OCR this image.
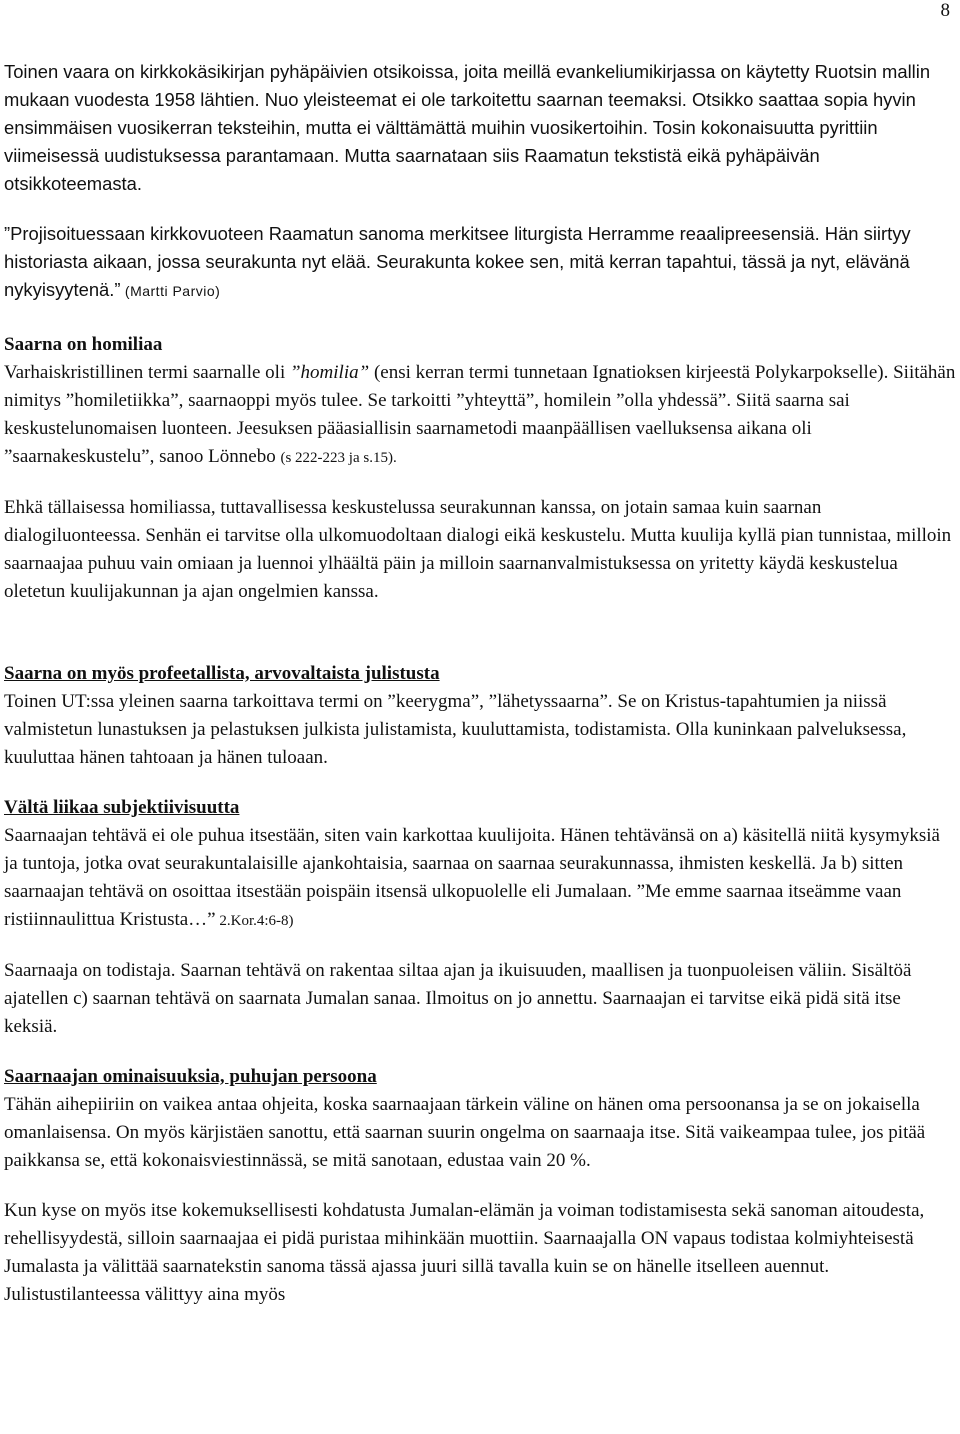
8

Toinen vaara on kirkkokäsikirjan pyhäpäivien otsikoissa, joita meillä evankeliumikirjassa on käytetty Ruotsin mallin mukaan vuodesta 1958 lähtien. Nuo yleisteemat ei ole tarkoitettu saarnan teemaksi. Otsikko saattaa sopia hyvin ensimmäisen vuosikerran teksteihin, mutta ei välttämättä muihin vuosikertoihin. Tosin kokonaisuutta pyrittiin viimeisessä uudistuksessa parantamaan. Mutta saarnataan siis Raamatun tekstistä eikä pyhäpäivän otsikkoteemasta.

”Projisoituessaan kirkkovuoteen Raamatun sanoma merkitsee liturgista Herramme reaalipreesensiä. Hän siirtyy historiasta aikaan, jossa seurakunta nyt elää. Seurakunta kokee sen, mitä kerran tapahtui, tässä ja nyt, elävänä nykyisyytenä.” (Martti Parvio)

Saarna on homiliaa

Varhaiskristillinen termi saarnalle oli ”homilia” (ensi kerran termi tunnetaan Ignatioksen kirjeestä Polykarpokselle). Siitähän nimitys ”homiletiikka”, saarnaoppi myös tulee. Se tarkoitti ”yhteyttä”, homilein ”olla yhdessä”. Siitä saarna sai keskustelunomaisen luonteen. Jeesuksen pääasiallisin saarnametodi maanpäällisen vaelluksensa aikana oli ”saarnakeskustelu”, sanoo Lönnebo (s 222-223 ja s.15).

Ehkä tällaisessa homiliassa, tuttavallisessa keskustelussa seurakunnan kanssa, on jotain samaa kuin saarnan dialogiluonteessa. Senhän ei tarvitse olla ulkomuodoltaan dialogi eikä keskustelu. Mutta kuulija kyllä pian tunnistaa, milloin saarnaajaa puhuu vain omiaan ja luennoi ylhäältä päin ja milloin saarnanvalmistuksessa on yritetty käydä keskustelua oletetun kuulijakunnan ja ajan ongelmien kanssa.

Saarna on myös profeetallista, arvovaltaista julistusta

Toinen UT:ssa yleinen saarna tarkoittava termi on ”keerygma”, ”lähetyssaarna”. Se on Kristus-tapahtumien ja niissä valmistetun lunastuksen ja pelastuksen julkista julistamista, kuuluttamista, todistamista. Olla kuninkaan palveluksessa, kuuluttaa hänen tahtoaan ja hänen tuloaan.

Vältä liikaa subjektiivisuutta

Saarnaajan tehtävä ei ole puhua itsestään, siten vain karkottaa kuulijoita. Hänen tehtävänsä on a) käsitellä niitä kysymyksiä ja tuntoja, jotka ovat seurakuntalaisille ajankohtaisia, saarnaa on saarnaa seurakunnassa, ihmisten keskellä. Ja b) sitten saarnaajan tehtävä on osoittaa itsestään poispäin itsensä ulkopuolelle eli Jumalaan. ”Me emme saarnaa itseämme vaan ristiinnaulittua Kristusta…” 2.Kor.4:6-8)

Saarnaaja on todistaja. Saarnan tehtävä on rakentaa siltaa ajan ja ikuisuuden, maallisen ja tuonpuoleisen väliin. Sisältöä ajatellen c) saarnan tehtävä on saarnata Jumalan sanaa. Ilmoitus on jo annettu. Saarnaajan ei tarvitse eikä pidä sitä itse keksiä.

Saarnaajan ominaisuuksia, puhujan persoona

Tähän aihepiiriin on vaikea antaa ohjeita, koska saarnaajaan tärkein väline on hänen oma persoonansa ja se on jokaisella omanlaisensa. On myös kärjistäen sanottu, että saarnan suurin ongelma on saarnaaja itse. Sitä vaikeampaa tulee, jos pitää paikkansa se, että kokonaisviestinnässä, se mitä sanotaan, edustaa vain 20 %.

Kun kyse on myös itse kokemuksellisesti kohdatusta Jumalan-elämän ja voiman todistamisesta sekä sanoman aitoudesta, rehellisyydestä, silloin saarnaajaa ei pidä puristaa mihinkään muottiin. Saarnaajalla ON vapaus todistaa kolmiyhteisestä Jumalasta ja välittää saarnatekstin sanoma tässä ajassa juuri sillä tavalla kuin se on hänelle itselleen auennut. Julistustilanteessa välittyy aina myös
